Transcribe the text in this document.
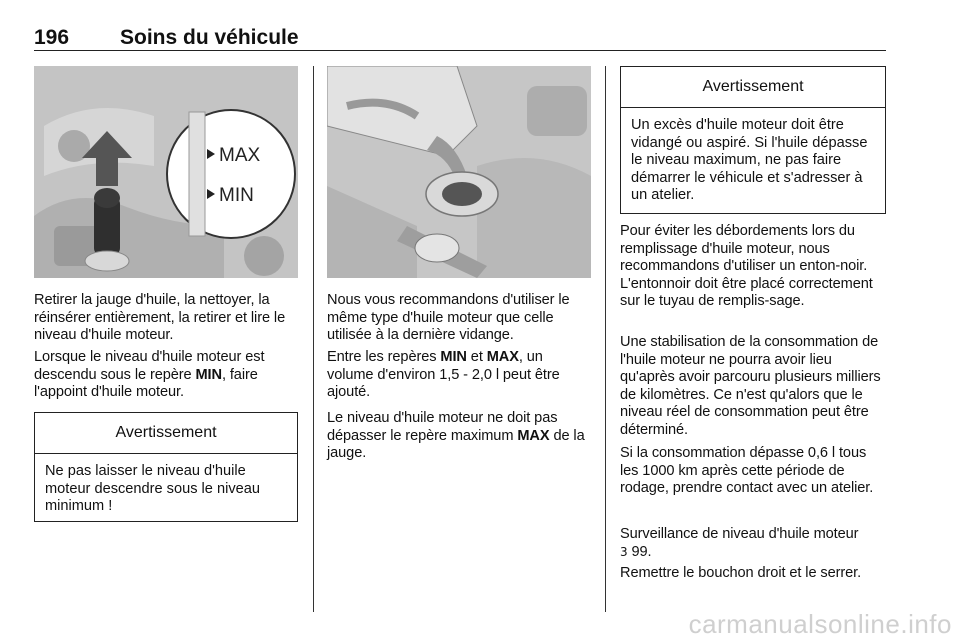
196 Soins du véhicule
MAX
MIN

Retirer la jauge d'huile, la nettoyer, la réinsérer entièrement, la retirer et lire le niveau d'huile moteur.

Lorsque le niveau d'huile moteur est descendu sous le repère MIN, faire l'appoint d'huile moteur.

Avertissement
Ne pas laisser le niveau d'huile moteur descendre sous le niveau minimum !

Nous vous recommandons d'utiliser le même type d'huile moteur que celle utilisée à la dernière vidange.

Entre les repères MIN et MAX, un volume d'environ 1,5 - 2,0 l peut être ajouté.

Le niveau d'huile moteur ne doit pas dépasser le repère maximum MAX de la jauge.

Avertissement
Un excès d'huile moteur doit être vidangé ou aspiré. Si l'huile dépasse le niveau maximum, ne pas faire démarrer le véhicule et s'adresser à un atelier.

Pour éviter les débordements lors du remplissage d'huile moteur, nous recommandons d'utiliser un enton-noir. L'entonnoir doit être placé correctement sur le tuyau de remplis-sage.

Une stabilisation de la consommation de l'huile moteur ne pourra avoir lieu qu'après avoir parcouru plusieurs milliers de kilomètres. Ce n'est qu'alors que le niveau réel de consommation peut être déterminé.

Si la consommation dépasse 0,6 l tous les 1000 km après cette période de rodage, prendre contact avec un atelier.

Surveillance de niveau d'huile moteur
3 99.

Remettre le bouchon droit et le serrer.

carmanualsonline.info
